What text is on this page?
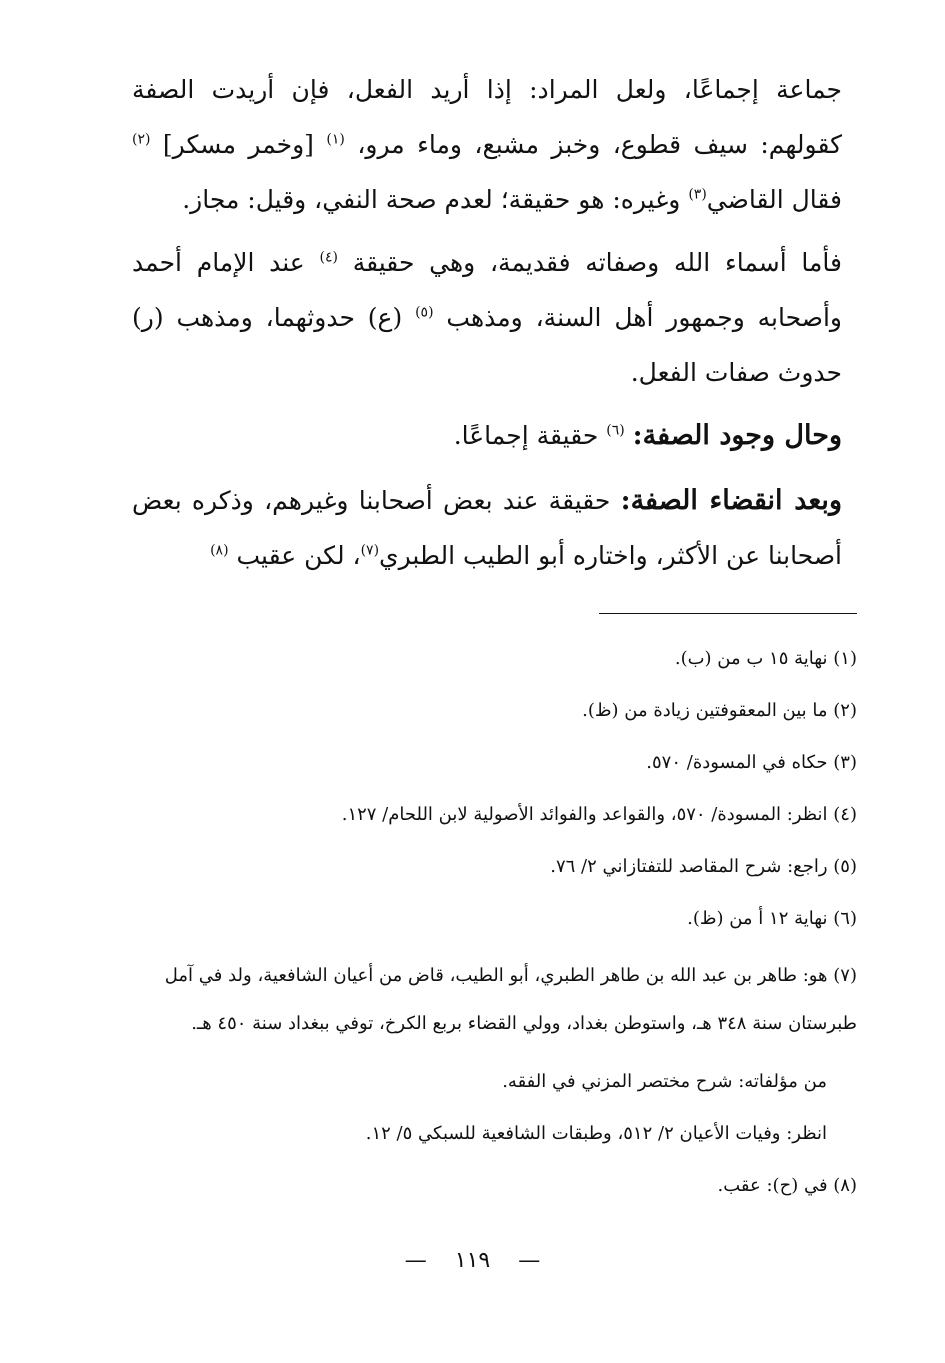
جماعة إجماعًا، ولعل المراد: إذا أريد الفعل، فإن أريدت الصفة كقولهم: سيف قطوع، وخبز مشبع، وماء مرو، $^{(١)}$ [وخمر مسكر] $^{(٢)}$ فقال القاضي$^{(٣)}$ وغيره: هو حقيقة؛ لعدم صحة النفي، وقيل: مجاز.

فأما أسماء الله وصفاته فقديمة، وهي حقيقة $^{(٤)}$ عند الإمام أحمد وأصحابه وجمهور أهل السنة، ومذهب $^{(٥)}$ (ع) حدوثهما، ومذهب (ر) حدوث صفات الفعل.

وحال وجود الصفة: $^{(٦)}$ حقيقة إجماعًا.

وبعد انقضاء الصفة: حقيقة عند بعض أصحابنا وغيرهم، وذكره بعض أصحابنا عن الأكثر، واختاره أبو الطيب الطبري$^{(٧)}$، لكن عقيب $^{(٨)}$

(١) نهاية ١٥ ب من (ب).
(٢) ما بين المعقوفتين زيادة من (ظ).
(٣) حكاه في المسودة/ ٥٧٠.
(٤) انظر: المسودة/ ٥٧٠، والقواعد والفوائد الأصولية لابن اللحام/ ١٢٧.
(٥) راجع: شرح المقاصد للتفتازاني ٢/ ٧٦.
(٦) نهاية ١٢ أ من (ظ).
(٧) هو: طاهر بن عبد الله بن طاهر الطبري، أبو الطيب، قاض من أعيان الشافعية، ولد في آمل طبرستان سنة ٣٤٨ هـ، واستوطن بغداد، وولي القضاء بربع الكرخ، توفي ببغداد سنة ٤٥٠ هـ.
من مؤلفاته: شرح مختصر المزني في الفقه.
انظر: وفيات الأعيان ٢/ ٥١٢، وطبقات الشافعية للسبكي ٥/ ١٢.
(٨) في (ح): عقب.
—١١٩—
